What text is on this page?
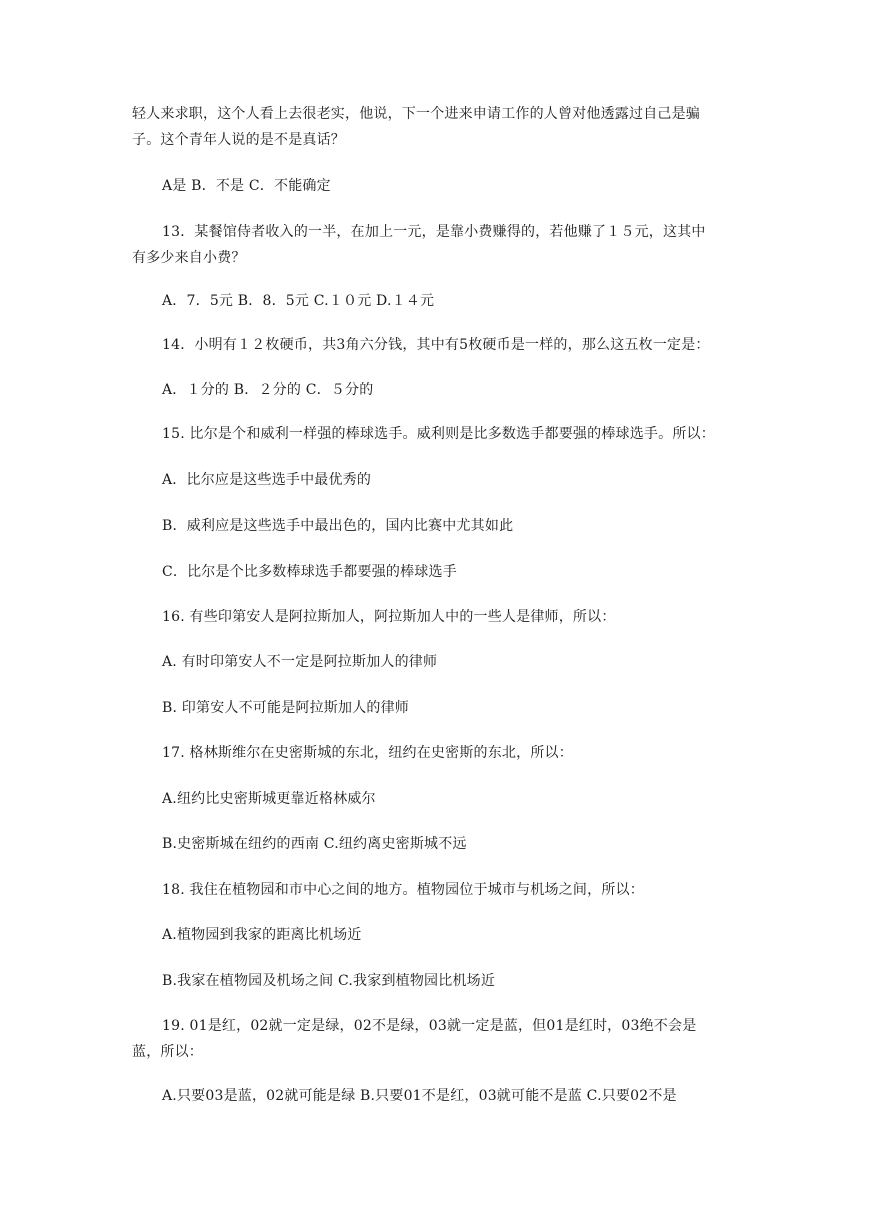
轻人来求职，这个人看上去很老实，他说，下一个进来申请工作的人曾对他透露过自己是骗
子。这个青年人说的是不是真话？
A是 B．不是 C．不能确定
13．某餐馆侍者收入的一半，在加上一元，是靠小费赚得的，若他赚了１５元，这其中
有多少来自小费？
A．7．5元 B．8．5元 C.１０元 D.１４元
14．小明有１２枚硬币，共3角六分钱，其中有5枚硬币是一样的，那么这五枚一定是：
A．１分的 B．２分的 C．５分的
15. 比尔是个和威利一样强的棒球选手。威利则是比多数选手都要强的棒球选手。所以：
A．比尔应是这些选手中最优秀的
B．威利应是这些选手中最出色的，国内比赛中尤其如此
C．比尔是个比多数棒球选手都要强的棒球选手
16. 有些印第安人是阿拉斯加人，阿拉斯加人中的一些人是律师，所以：
A. 有时印第安人不一定是阿拉斯加人的律师
B. 印第安人不可能是阿拉斯加人的律师
17. 格林斯维尔在史密斯城的东北，纽约在史密斯的东北，所以：
A.纽约比史密斯城更靠近格林威尔
B.史密斯城在纽约的西南 C.纽约离史密斯城不远
18. 我住在植物园和市中心之间的地方。植物园位于城市与机场之间，所以：
A.植物园到我家的距离比机场近
B.我家在植物园及机场之间 C.我家到植物园比机场近
19. 01是红，02就一定是绿，02不是绿，03就一定是蓝，但01是红时，03绝不会是
蓝，所以：
A.只要03是蓝，02就可能是绿 B.只要01不是红，03就可能不是蓝 C.只要02不是
